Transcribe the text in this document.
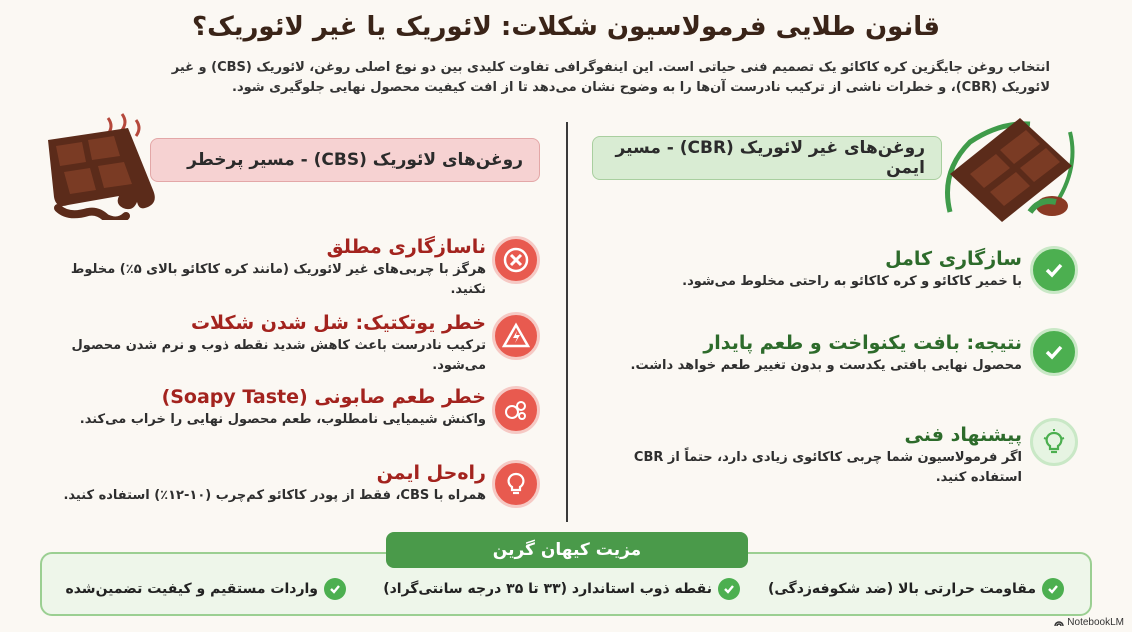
قانون طلایی فرمولاسیون شکلات: لائوریک یا غیر لائوریک؟
انتخاب روغن جایگزین کره کاکائو یک تصمیم فنی حیاتی است. این اینفوگرافی تفاوت کلیدی بین دو نوع اصلی روغن، لائوریک (CBS) و غیر لائوریک (CBR)، و خطرات ناشی از ترکیب نادرست آن‌ها را به وضوح نشان می‌دهد تا از افت کیفیت محصول نهایی جلوگیری شود.
روغن‌های لائوریک (CBS) - مسیر پرخطر
ناسازگاری مطلق
هرگز با چربی‌های غیر لائوریک (مانند کره کاکائو بالای ۵٪) مخلوط نکنید.
خطر یوتکتیک: شل شدن شکلات
ترکیب نادرست باعث کاهش شدید نقطه ذوب و نرم شدن محصول می‌شود.
خطر طعم صابونی (Soapy Taste)
واکنش شیمیایی نامطلوب، طعم محصول نهایی را خراب می‌کند.
راه‌حل ایمن
همراه با CBS، فقط از پودر کاکائو کم‌چرب (۱۰-۱۲٪) استفاده کنید.
روغن‌های غیر لائوریک (CBR) - مسیر ایمن
سازگاری کامل
با خمیر کاکائو و کره کاکائو به راحتی مخلوط می‌شود.
نتیجه: بافت یکنواخت و طعم پایدار
محصول نهایی بافتی یکدست و بدون تغییر طعم خواهد داشت.
پیشنهاد فنی
اگر فرمولاسیون شما چربی کاکائوی زیادی دارد، حتماً از CBR استفاده کنید.
مزیت کیهان گرین
مقاومت حرارتی بالا (ضد شکوفه‌زدگی)
نقطه ذوب استاندارد (۳۳ تا ۳۵ درجه سانتی‌گراد)
واردات مستقیم و کیفیت تضمین‌شده
NotebookLM
